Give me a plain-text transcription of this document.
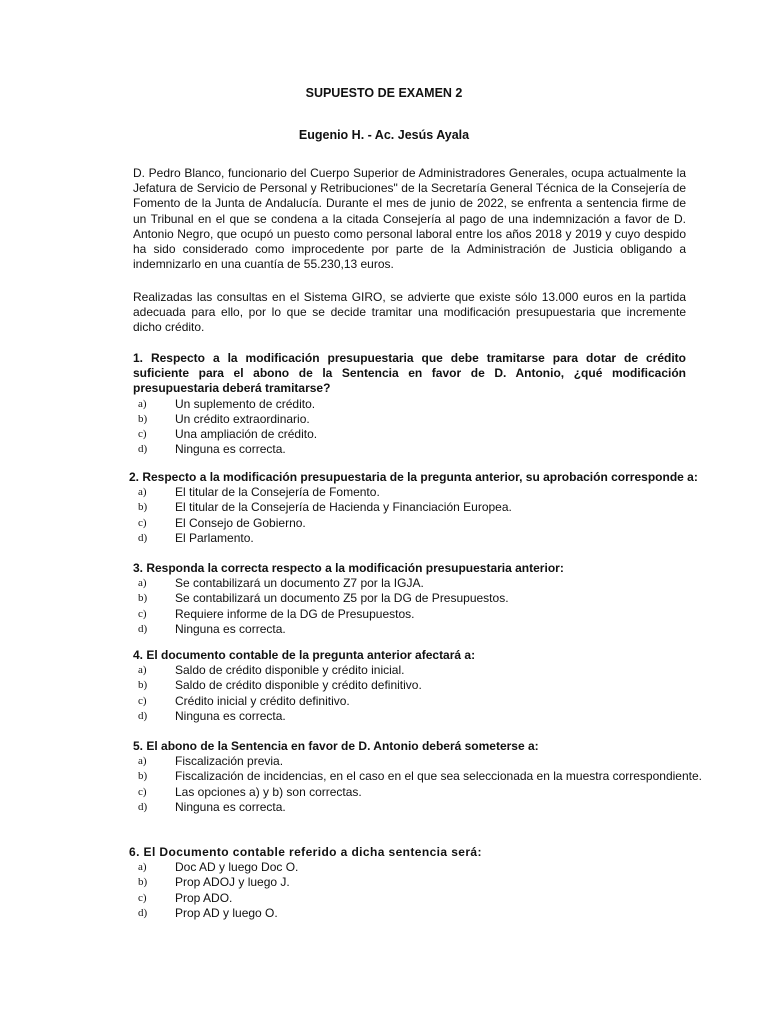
SUPUESTO DE EXAMEN 2
Eugenio H. - Ac. Jesús Ayala

D. Pedro Blanco, funcionario del Cuerpo Superior de Administradores Generales, ocupa actualmente la Jefatura de Servicio de Personal y Retribuciones" de la Secretaría General Técnica de la Consejería de Fomento de la Junta de Andalucía. Durante el mes de junio de 2022, se enfrenta a sentencia firme de un Tribunal en el que se condena a la citada Consejería al pago de una indemnización a favor de D. Antonio Negro, que ocupó un puesto como personal laboral entre los años 2018 y 2019 y cuyo despido ha sido considerado como improcedente por parte de la Administración de Justicia obligando a indemnizarlo en una cuantía de 55.230,13 euros.

Realizadas las consultas en el Sistema GIRO, se advierte que existe sólo 13.000 euros en la partida adecuada para ello, por lo que se decide tramitar una modificación presupuestaria que incremente dicho crédito.

1. Respecto a la modificación presupuestaria que debe tramitarse para dotar de crédito suficiente para el abono de la Sentencia en favor de D. Antonio, ¿qué modificación presupuestaria deberá tramitarse?

a) Un suplemento de crédito.
b) Un crédito extraordinario.
c) Una ampliación de crédito.
d) Ninguna es correcta.

2. Respecto a la modificación presupuestaria de la pregunta anterior, su aprobación corresponde a:

a) El titular de la Consejería de Fomento.
b) El titular de la Consejería de Hacienda y Financiación Europea.
c) El Consejo de Gobierno.
d) El Parlamento.

3. Responda la correcta respecto a la modificación presupuestaria anterior:

a) Se contabilizará un documento Z7 por la IGJA.
b) Se contabilizará un documento Z5 por la DG de Presupuestos.
c) Requiere informe de la DG de Presupuestos.
d) Ninguna es correcta.

4. El documento contable de la pregunta anterior afectará a:

a) Saldo de crédito disponible y crédito inicial.
b) Saldo de crédito disponible y crédito definitivo.
c) Crédito inicial y crédito definitivo.
d) Ninguna es correcta.

5. El abono de la Sentencia en favor de D. Antonio deberá someterse a:

a) Fiscalización previa.
b) Fiscalización de incidencias, en el caso en el que sea seleccionada en la muestra correspondiente.
c) Las opciones a) y b) son correctas.
d) Ninguna es correcta.

6. El Documento contable referido a dicha sentencia será:

a) Doc AD y luego Doc O.
b) Prop ADOJ y luego J.
c) Prop ADO.
d) Prop AD y luego O.
